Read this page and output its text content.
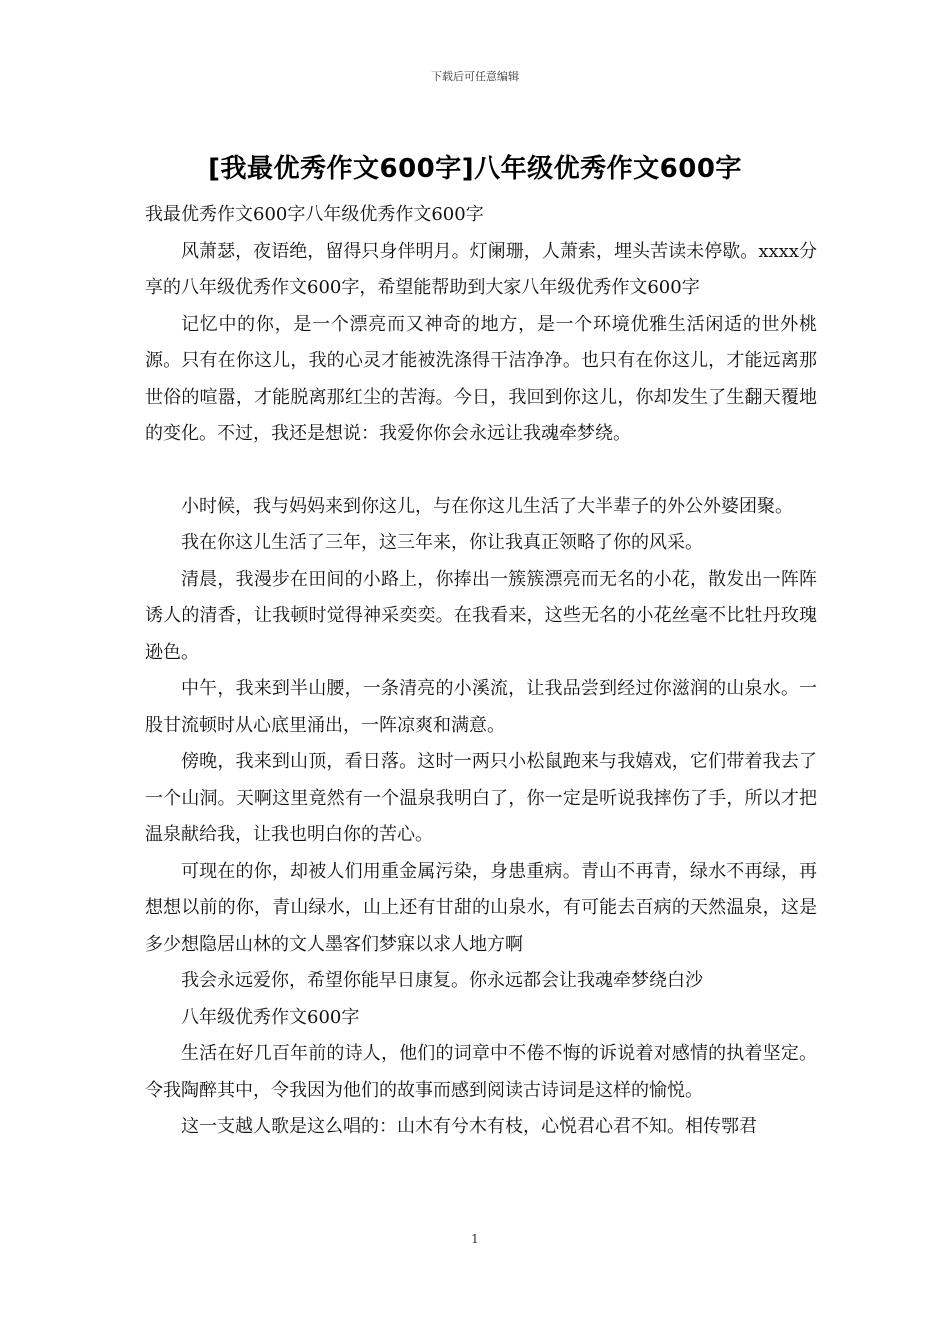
下载后可任意编辑
[我最优秀作文600字]八年级优秀作文600字

我最优秀作文600字八年级优秀作文600字

风萧瑟，夜语绝，留得只身伴明月。灯阑珊，人萧索，埋头苦读未停歇。xxxx分享的八年级优秀作文600字，希望能帮助到大家八年级优秀作文600字

记忆中的你，是一个漂亮而又神奇的地方，是一个环境优雅生活闲适的世外桃源。只有在你这儿，我的心灵才能被洗涤得干洁净净。也只有在你这儿，才能远离那世俗的喧嚣，才能脱离那红尘的苦海。今日，我回到你这儿，你却发生了生翻天覆地的变化。不过，我还是想说：我爱你你会永远让我魂牵梦绕。

小时候，我与妈妈来到你这儿，与在你这儿生活了大半辈子的外公外婆团聚。

我在你这儿生活了三年，这三年来，你让我真正领略了你的风采。

清晨，我漫步在田间的小路上，你捧出一簇簇漂亮而无名的小花，散发出一阵阵诱人的清香，让我顿时觉得神采奕奕。在我看来，这些无名的小花丝毫不比牡丹玫瑰逊色。

中午，我来到半山腰，一条清亮的小溪流，让我品尝到经过你滋润的山泉水。一股甘流顿时从心底里涌出，一阵凉爽和满意。

傍晚，我来到山顶，看日落。这时一两只小松鼠跑来与我嬉戏，它们带着我去了一个山洞。天啊这里竟然有一个温泉我明白了，你一定是听说我摔伤了手，所以才把温泉献给我，让我也明白你的苦心。

可现在的你，却被人们用重金属污染，身患重病。青山不再青，绿水不再绿，再想想以前的你，青山绿水，山上还有甘甜的山泉水，有可能去百病的天然温泉，这是多少想隐居山林的文人墨客们梦寐以求人地方啊

我会永远爱你，希望你能早日康复。你永远都会让我魂牵梦绕白沙

八年级优秀作文600字

生活在好几百年前的诗人，他们的词章中不倦不悔的诉说着对感情的执着坚定。令我陶醉其中，令我因为他们的故事而感到阅读古诗词是这样的愉悦。

这一支越人歌是这么唱的：山木有兮木有枝，心悦君心君不知。相传鄂君

1
